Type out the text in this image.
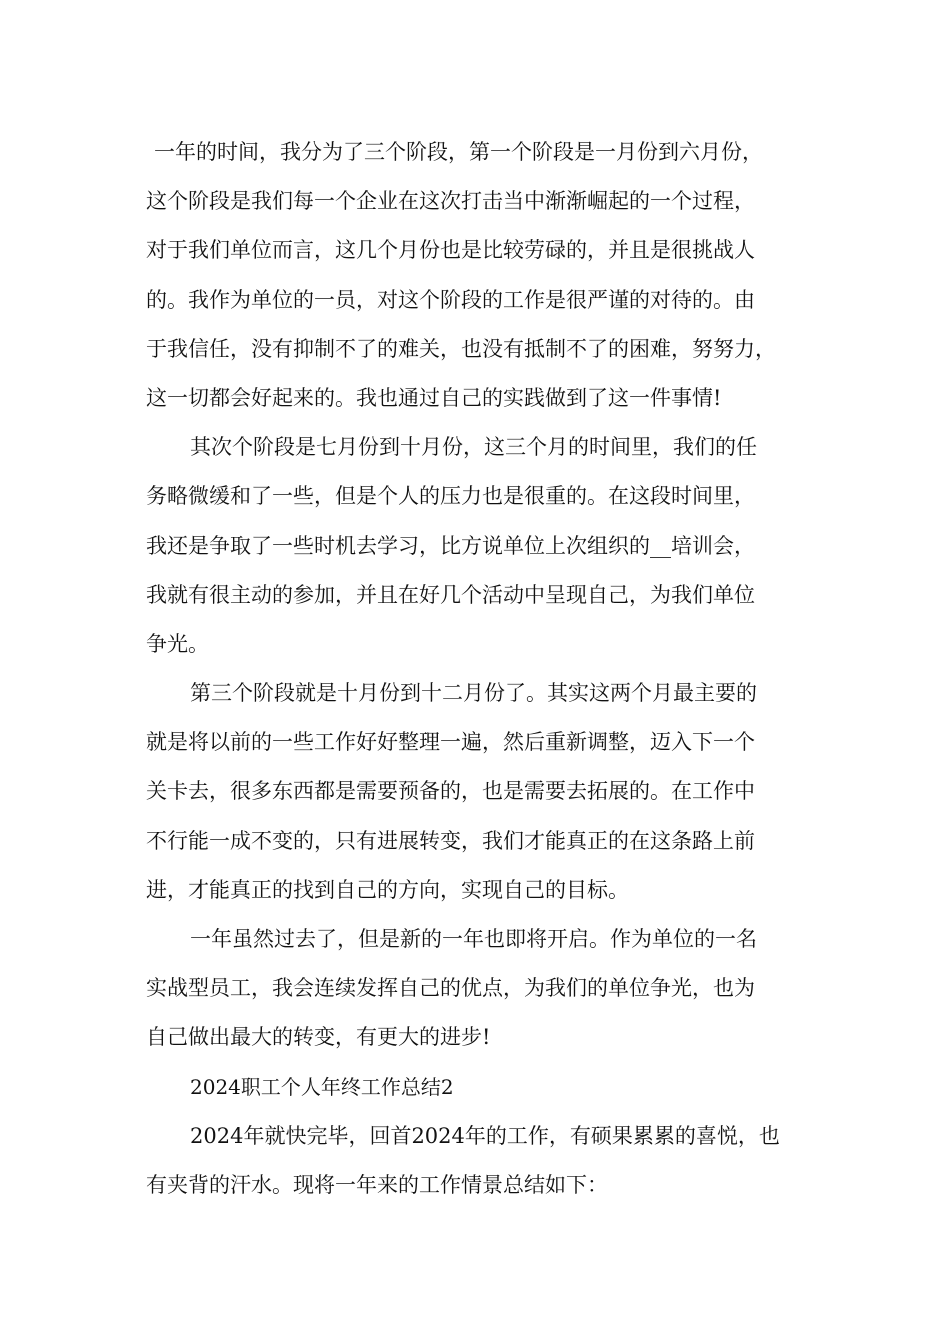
一年的时间，我分为了三个阶段，第一个阶段是一月份到六月份，
这个阶段是我们每一个企业在这次打击当中渐渐崛起的一个过程，
对于我们单位而言，这几个月份也是比较劳碌的，并且是很挑战人
的。我作为单位的一员，对这个阶段的工作是很严谨的对待的。由
于我信任，没有抑制不了的难关，也没有抵制不了的困难，努努力，
这一切都会好起来的。我也通过自己的实践做到了这一件事情!
其次个阶段是七月份到十月份，这三个月的时间里，我们的任
务略微缓和了一些，但是个人的压力也是很重的。在这段时间里，
我还是争取了一些时机去学习，比方说单位上次组织的__培训会，
我就有很主动的参加，并且在好几个活动中呈现自己，为我们单位
争光。
第三个阶段就是十月份到十二月份了。其实这两个月最主要的
就是将以前的一些工作好好整理一遍，然后重新调整，迈入下一个
关卡去，很多东西都是需要预备的，也是需要去拓展的。在工作中
不行能一成不变的，只有进展转变，我们才能真正的在这条路上前
进，才能真正的找到自己的方向，实现自己的目标。
一年虽然过去了，但是新的一年也即将开启。作为单位的一名
实战型员工，我会连续发挥自己的优点，为我们的单位争光，也为
自己做出最大的转变，有更大的进步!
2024职工个人年终工作总结2
2024年就快完毕，回首2024年的工作，有硕果累累的喜悦，也
有夹背的汗水。现将一年来的工作情景总结如下：
